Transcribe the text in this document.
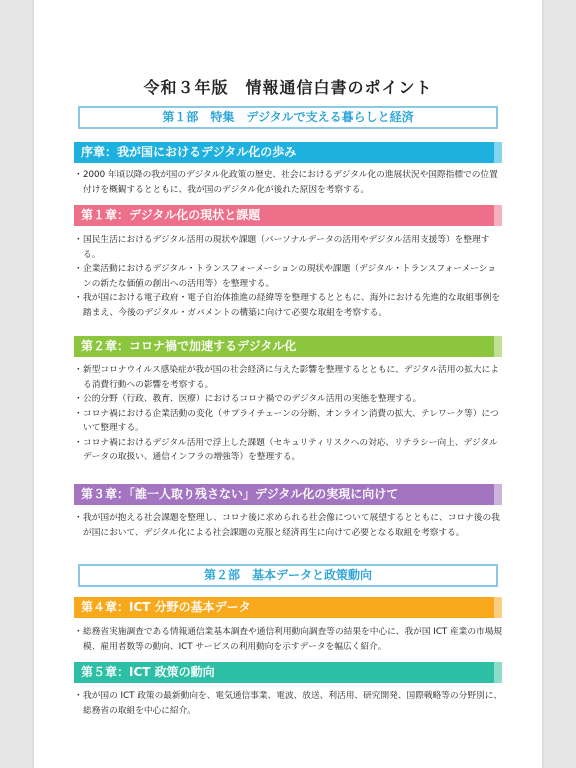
令和３年版　情報通信白書のポイント
第１部　特集　デジタルで支える暮らしと経済
序章：我が国におけるデジタル化の歩み
・ 2000 年頃以降の我が国のデジタル化政策の歴史、社会におけるデジタル化の進展状況や国際指標での位置付けを概観するとともに、我が国のデジタル化が後れた原因を考察する。
第１章：デジタル化の現状と課題
・ 国民生活におけるデジタル活用の現状や課題（パーソナルデータの活用やデジタル活用支援等）を整理する。
・ 企業活動におけるデジタル・トランスフォーメーションの現状や課題（デジタル・トランスフォーメーションの新たな価値の創出への活用等）を整理する。
・ 我が国における電子政府・電子自治体推進の経緯等を整理するとともに、海外における先進的な取組事例を踏まえ、今後のデジタル・ガバメントの構築に向けて必要な取組を考察する。
第２章：コロナ禍で加速するデジタル化
・ 新型コロナウイルス感染症が我が国の社会経済に与えた影響を整理するとともに、デジタル活用の拡大による消費行動への影響を考察する。
・ 公的分野（行政、教育、医療）におけるコロナ禍でのデジタル活用の実態を整理する。
・ コロナ禍における企業活動の変化（サプライチェーンの分断、オンライン消費の拡大、テレワーク等）について整理する。
・ コロナ禍におけるデジタル活用で浮上した課題（セキュリティリスクへの対応、リテラシー向上、デジタルデータの取扱い、通信インフラの増強等）を整理する。
第３章：「誰一人取り残さない」デジタル化の実現に向けて
・ 我が国が抱える社会課題を整理し、コロナ後に求められる社会像について展望するとともに、コロナ後の我が国において、デジタル化による社会課題の克服と経済再生に向けて必要となる取組を考察する。
第２部　基本データと政策動向
第４章：ICT 分野の基本データ
・ 総務省実施調査である情報通信業基本調査や通信利用動向調査等の結果を中心に、我が国 ICT 産業の市場規模、雇用者数等の動向、ICT サービスの利用動向を示すデータを幅広く紹介。
第５章：ICT 政策の動向
・ 我が国の ICT 政策の最新動向を、電気通信事業、電波、放送、利活用、研究開発、国際戦略等の分野別に、総務省の取組を中心に紹介。
